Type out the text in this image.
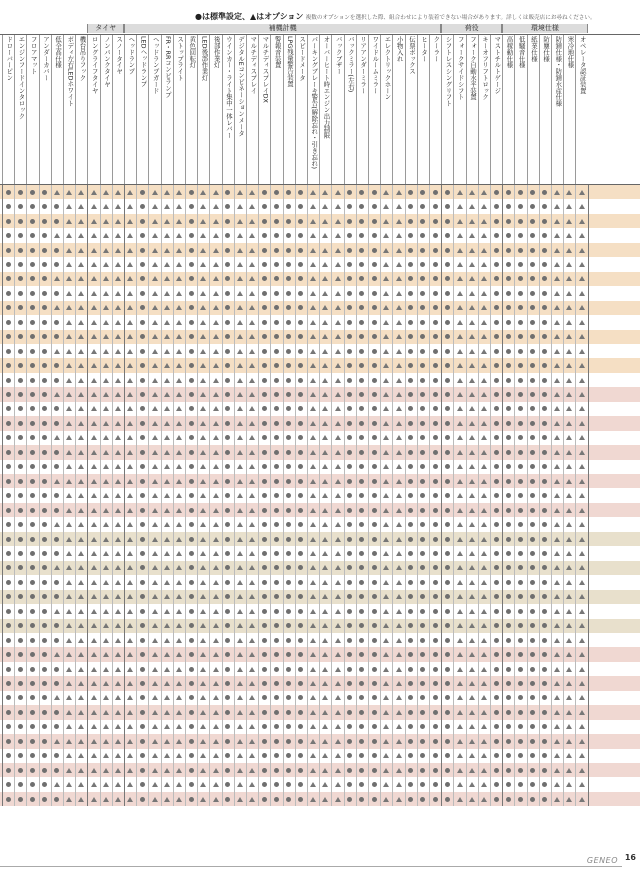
ドローバーピン エンジンフードインタロック フロアマット アンダーカバー 低全高仕様 ボディ左右LEDホワイト 機台吊りフック ロングライフタイヤ ノンパンクタイヤ スノータイヤ
タイヤ
ヘッドランプ LEDヘッドランプ ヘッドランプガード FR・RRコンビランプ ストップライト 黄色回転灯 LED後部作業灯 後部作業灯 ウインカー・ライト集中一体レバー デジタルEコンビネーションメータ マルチディスプレイ マルチディスプレイDX 警報音装置 LPG残量警告装置 スピードメータ パーキングブレーキ警告(解除忘れ・引き忘れ) オーバーヒート時エンジン出力制限 バックブザー バックミラー(左右) リアアンダーミラー ワイドルームミラー エレクトリックホーン 小物入れ 伝票ボックス ヒーター クーラー
補機計機
シフトレスシングリフト フォークサイドシフト フォーク自動水平装置 キーオフリフトロック マストチルトゲージ
荷役
高稼動仕様 低騒音仕様 紙業仕様 防塵仕様 防錆仕様・防錆水産仕様 寒冷地仕様 オペレータ認証装置
環境仕様
●は標準設定、▲はオプション 複数のオプションを選択した際、組合わせにより装着できない場合があります。詳しくは販売店にお尋ねください。
GENEO 16
